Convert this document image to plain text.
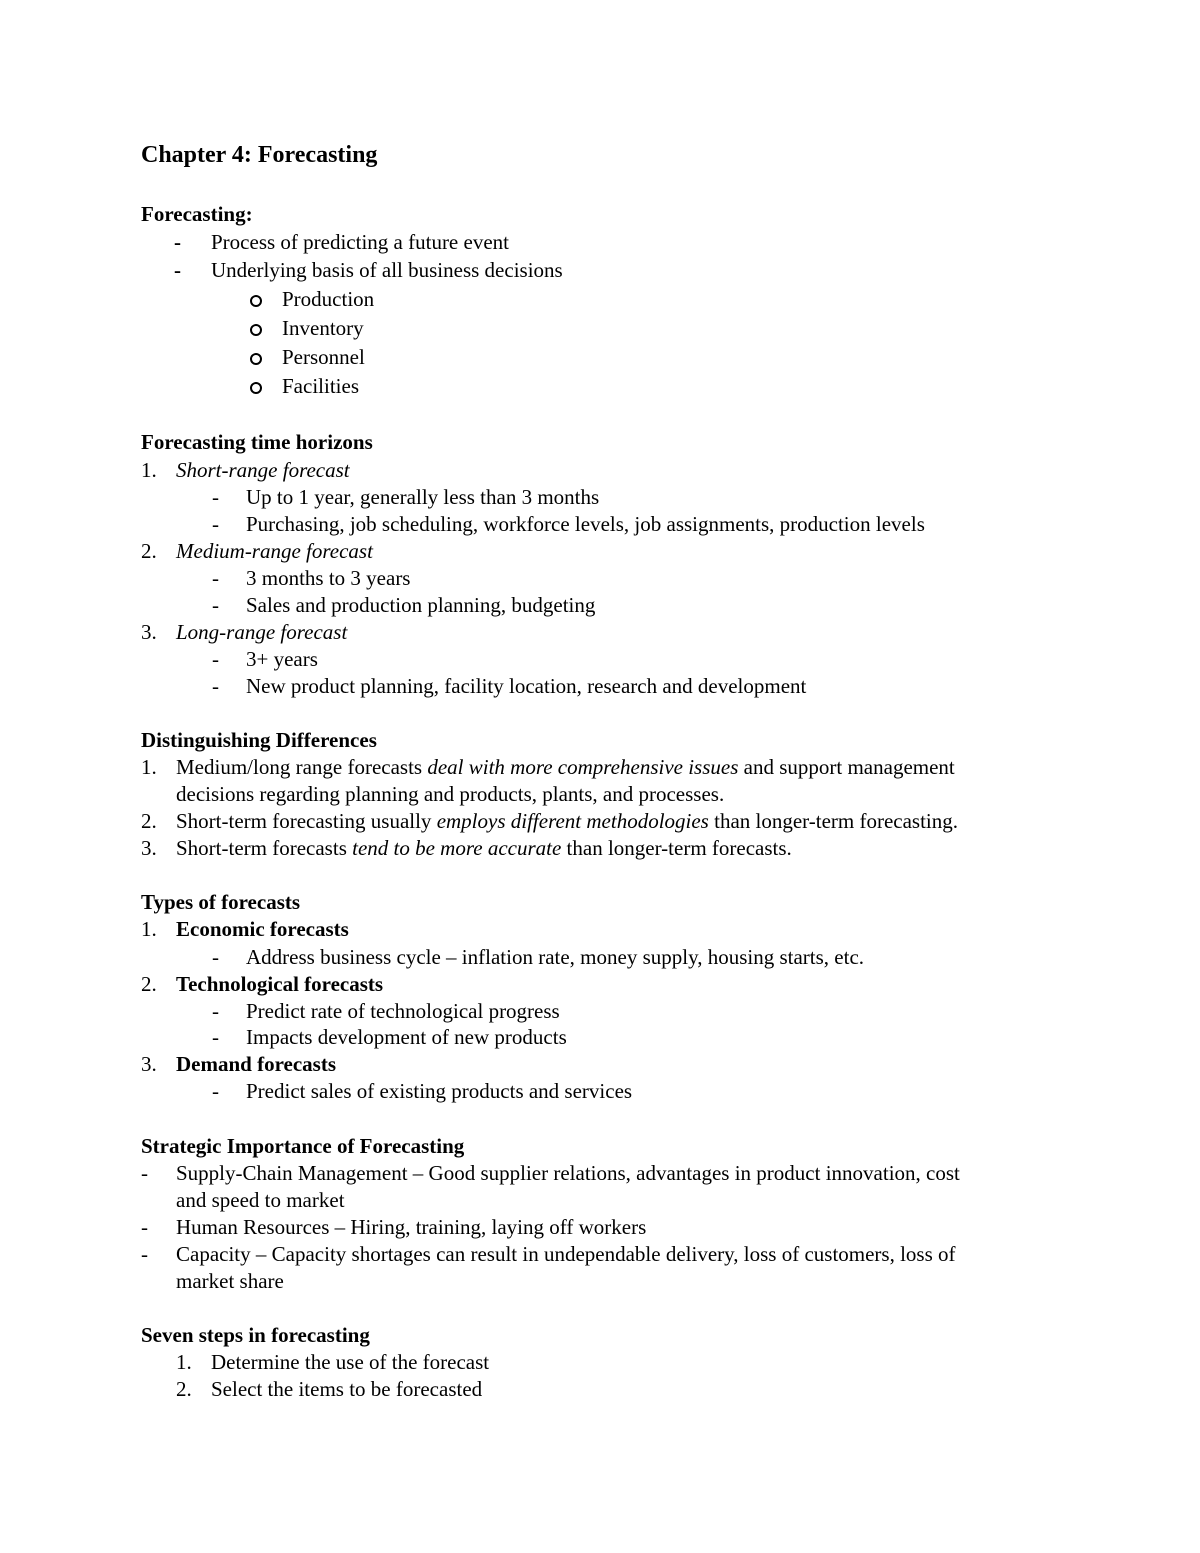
Chapter 4: Forecasting
Forecasting:
- Process of predicting a future event
- Underlying basis of all business decisions
Production
Inventory
Personnel
Facilities
Forecasting time horizons
1. Short-range forecast
- Up to 1 year, generally less than 3 months
- Purchasing, job scheduling, workforce levels, job assignments, production levels
2. Medium-range forecast
- 3 months to 3 years
- Sales and production planning, budgeting
3. Long-range forecast
- 3+ years
- New product planning, facility location, research and development
Distinguishing Differences
1. Medium/long range forecasts deal with more comprehensive issues and support management
decisions regarding planning and products, plants, and processes.
2. Short-term forecasting usually employs different methodologies than longer-term forecasting.
3. Short-term forecasts tend to be more accurate than longer-term forecasts.
Types of forecasts
1. Economic forecasts
- Address business cycle – inflation rate, money supply, housing starts, etc.
2. Technological forecasts
- Predict rate of technological progress
- Impacts development of new products
3. Demand forecasts
- Predict sales of existing products and services
Strategic Importance of Forecasting
- Supply-Chain Management – Good supplier relations, advantages in product innovation, cost
and speed to market
- Human Resources – Hiring, training, laying off workers
- Capacity – Capacity shortages can result in undependable delivery, loss of customers, loss of
market share
Seven steps in forecasting
1. Determine the use of the forecast
2. Select the items to be forecasted
